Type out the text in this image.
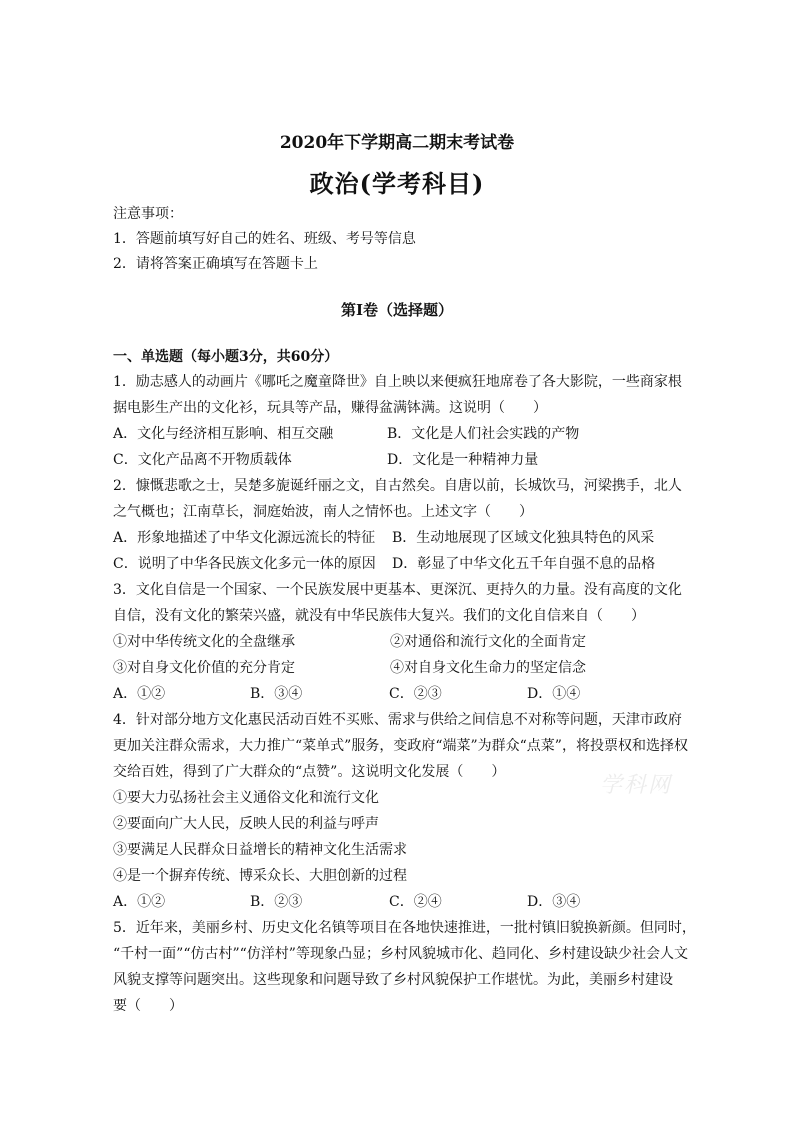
2020年下学期高二期末考试卷
政治(学考科目)
注意事项：
1．答题前填写好自己的姓名、班级、考号等信息
2．请将答案正确填写在答题卡上
第I卷（选择题）
一、单选题（每小题3分，共60分）
1．励志感人的动画片《哪吒之魔童降世》自上映以来便疯狂地席卷了各大影院，一些商家根
据电影生产出的文化衫，玩具等产品，赚得盆满钵满。这说明（　　）
A．文化与经济相互影响、相互交融	B．文化是人们社会实践的产物
C．文化产品离不开物质载体	D．文化是一种精神力量
2．慷慨悲歌之士，吴楚多旎诞纤丽之文，自古然矣。自唐以前，长城饮马，河梁携手，北人
之气概也；江南草长，洞庭始波，南人之情怀也。上述文字（　　）
A．形象地描述了中华文化源远流长的特征 B．生动地展现了区域文化独具特色的风采
C．说明了中华各民族文化多元一体的原因 D．彰显了中华文化五千年自强不息的品格
3．文化自信是一个国家、一个民族发展中更基本、更深沉、更持久的力量。没有高度的文化
自信，没有文化的繁荣兴盛，就没有中华民族伟大复兴。我们的文化自信来自（　　）
①对中华传统文化的全盘继承	②对通俗和流行文化的全面肯定
③对自身文化价值的充分肯定	④对自身文化生命力的坚定信念
A．①②	B．③④	C．②③	D．①④
4．针对部分地方文化惠民活动百姓不买账、需求与供给之间信息不对称等问题，天津市政府
更加关注群众需求，大力推广“菜单式”服务，变政府“端菜”为群众“点菜”，将投票权和选择权
交给百姓，得到了广大群众的“点赞”。这说明文化发展（　　）
学科网
①要大力弘扬社会主义通俗文化和流行文化
②要面向广大人民，反映人民的利益与呼声
③要满足人民群众日益增长的精神文化生活需求
④是一个摒弃传统、博采众长、大胆创新的过程
A．①②	B．②③	C．②④	D．③④
5．近年来，美丽乡村、历史文化名镇等项目在各地快速推进，一批村镇旧貌换新颜。但同时，
“千村一面”“仿古村”“仿洋村”等现象凸显；乡村风貌城市化、趋同化、乡村建设缺少社会人文
风貌支撑等问题突出。这些现象和问题导致了乡村风貌保护工作堪忧。为此，美丽乡村建设
要（　　）
